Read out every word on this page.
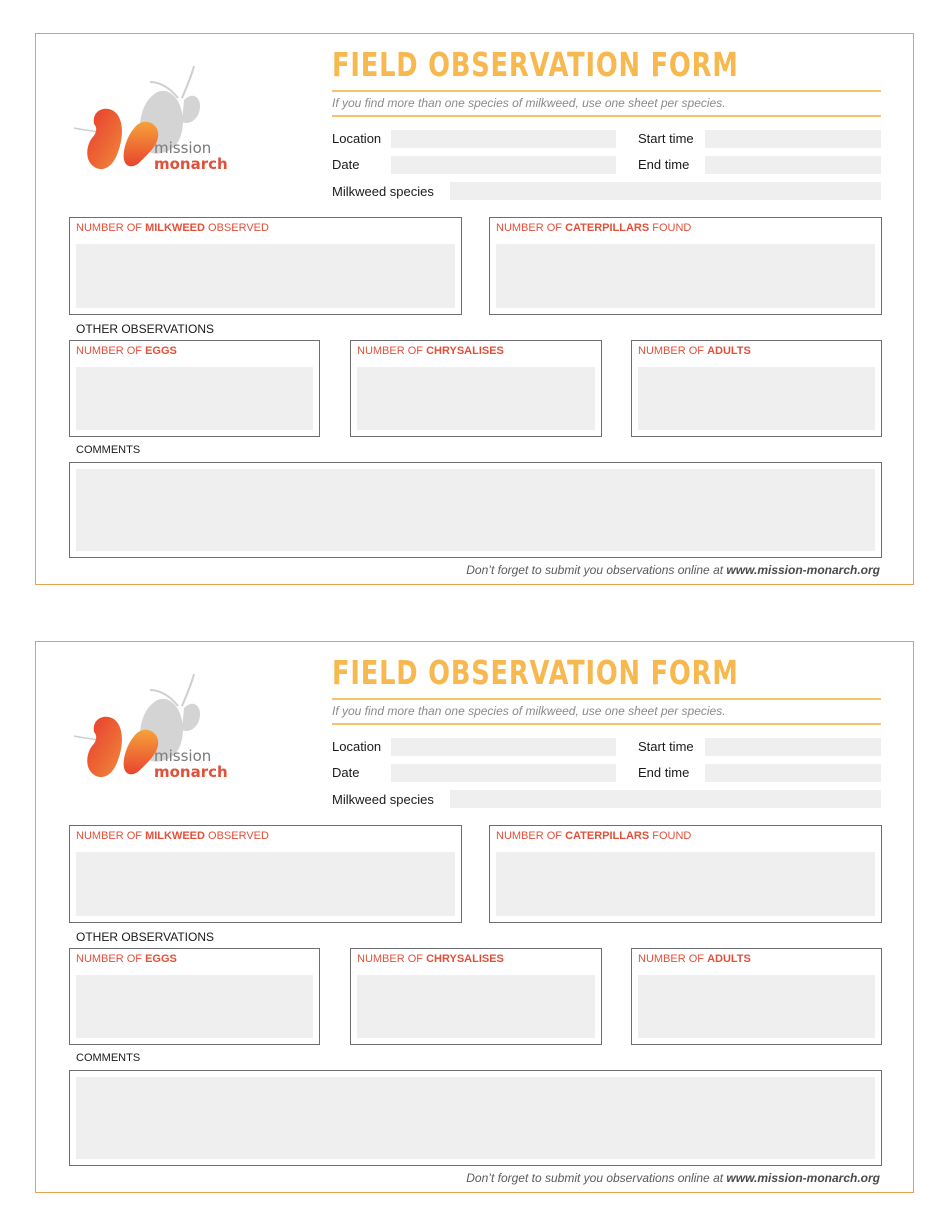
mission
monarch
FIELD OBSERVATION FORM
If you find more than one species of milkweed, use one sheet per species.
Location	Start time
Date	End time
Milkweed species
NUMBER OF MILKWEED OBSERVED	NUMBER OF CATERPILLARS FOUND
OTHER OBSERVATIONS
NUMBER OF EGGS	NUMBER OF CHRYSALISES	NUMBER OF ADULTS
COMMENTS
Don’t forget to submit you observations online at www.mission-monarch.org
mission
monarch
FIELD OBSERVATION FORM
If you find more than one species of milkweed, use one sheet per species.
Location	Start time
Date	End time
Milkweed species
NUMBER OF MILKWEED OBSERVED	NUMBER OF CATERPILLARS FOUND
OTHER OBSERVATIONS
NUMBER OF EGGS	NUMBER OF CHRYSALISES	NUMBER OF ADULTS
COMMENTS
Don’t forget to submit you observations online at www.mission-monarch.org
